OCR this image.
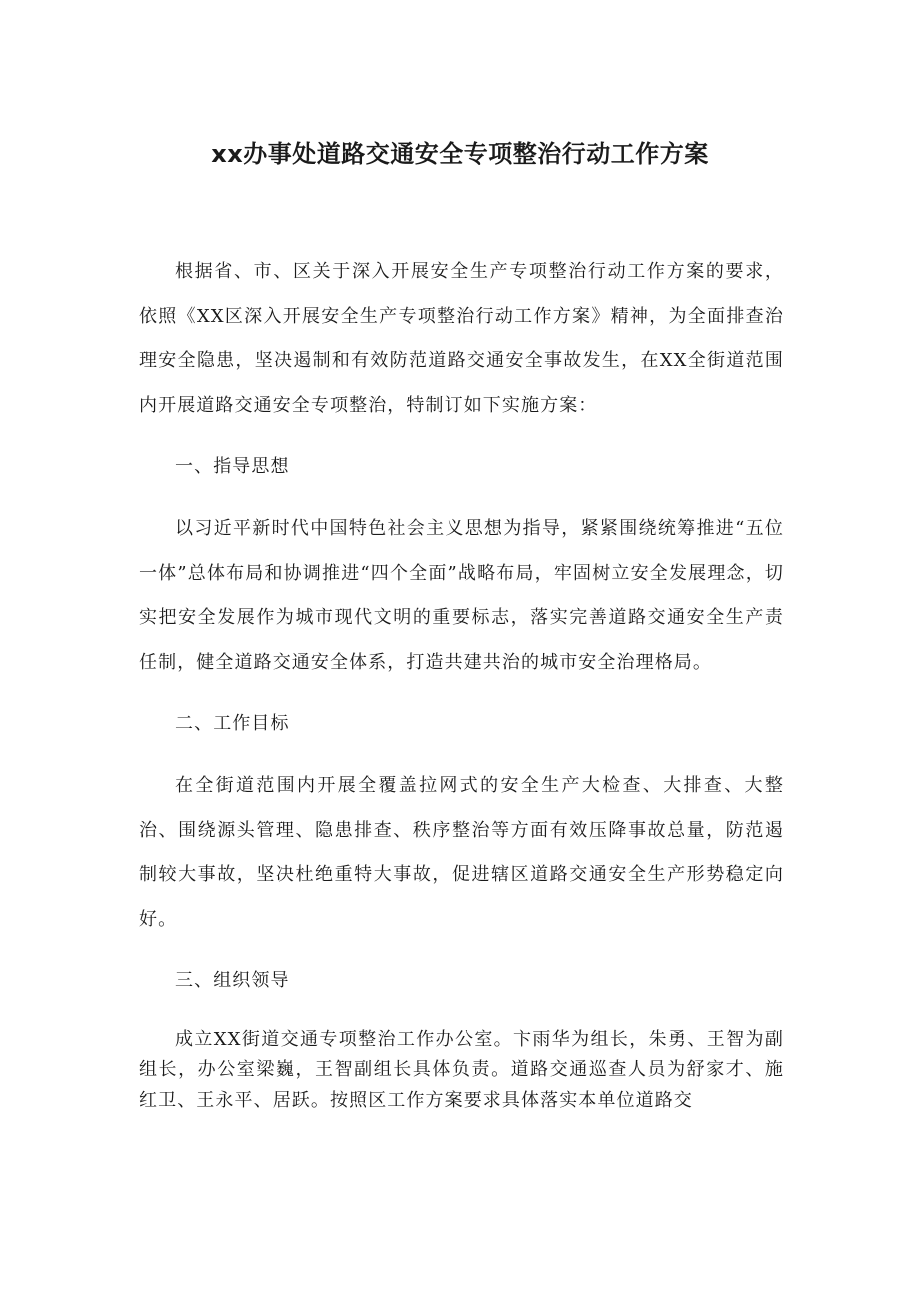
xx办事处道路交通安全专项整治行动工作方案

根据省、市、区关于深入开展安全生产专项整治行动工作方案的要求，依照《XX区深入开展安全生产专项整治行动工作方案》精神，为全面排查治理安全隐患，坚决遏制和有效防范道路交通安全事故发生，在XX全街道范围内开展道路交通安全专项整治，特制订如下实施方案：

一、指导思想

以习近平新时代中国特色社会主义思想为指导，紧紧围绕统筹推进“五位一体”总体布局和协调推进“四个全面”战略布局，牢固树立安全发展理念，切实把安全发展作为城市现代文明的重要标志，落实完善道路交通安全生产责任制，健全道路交通安全体系，打造共建共治的城市安全治理格局。

二、工作目标

在全街道范围内开展全覆盖拉网式的安全生产大检查、大排查、大整治、围绕源头管理、隐患排查、秩序整治等方面有效压降事故总量，防范遏制较大事故，坚决杜绝重特大事故，促进辖区道路交通安全生产形势稳定向好。

三、组织领导

成立XX街道交通专项整治工作办公室。卞雨华为组长，朱勇、王智为副组长，办公室梁巍，王智副组长具体负责。道路交通巡查人员为舒家才、施红卫、王永平、居跃。按照区工作方案要求具体落实本单位道路交
